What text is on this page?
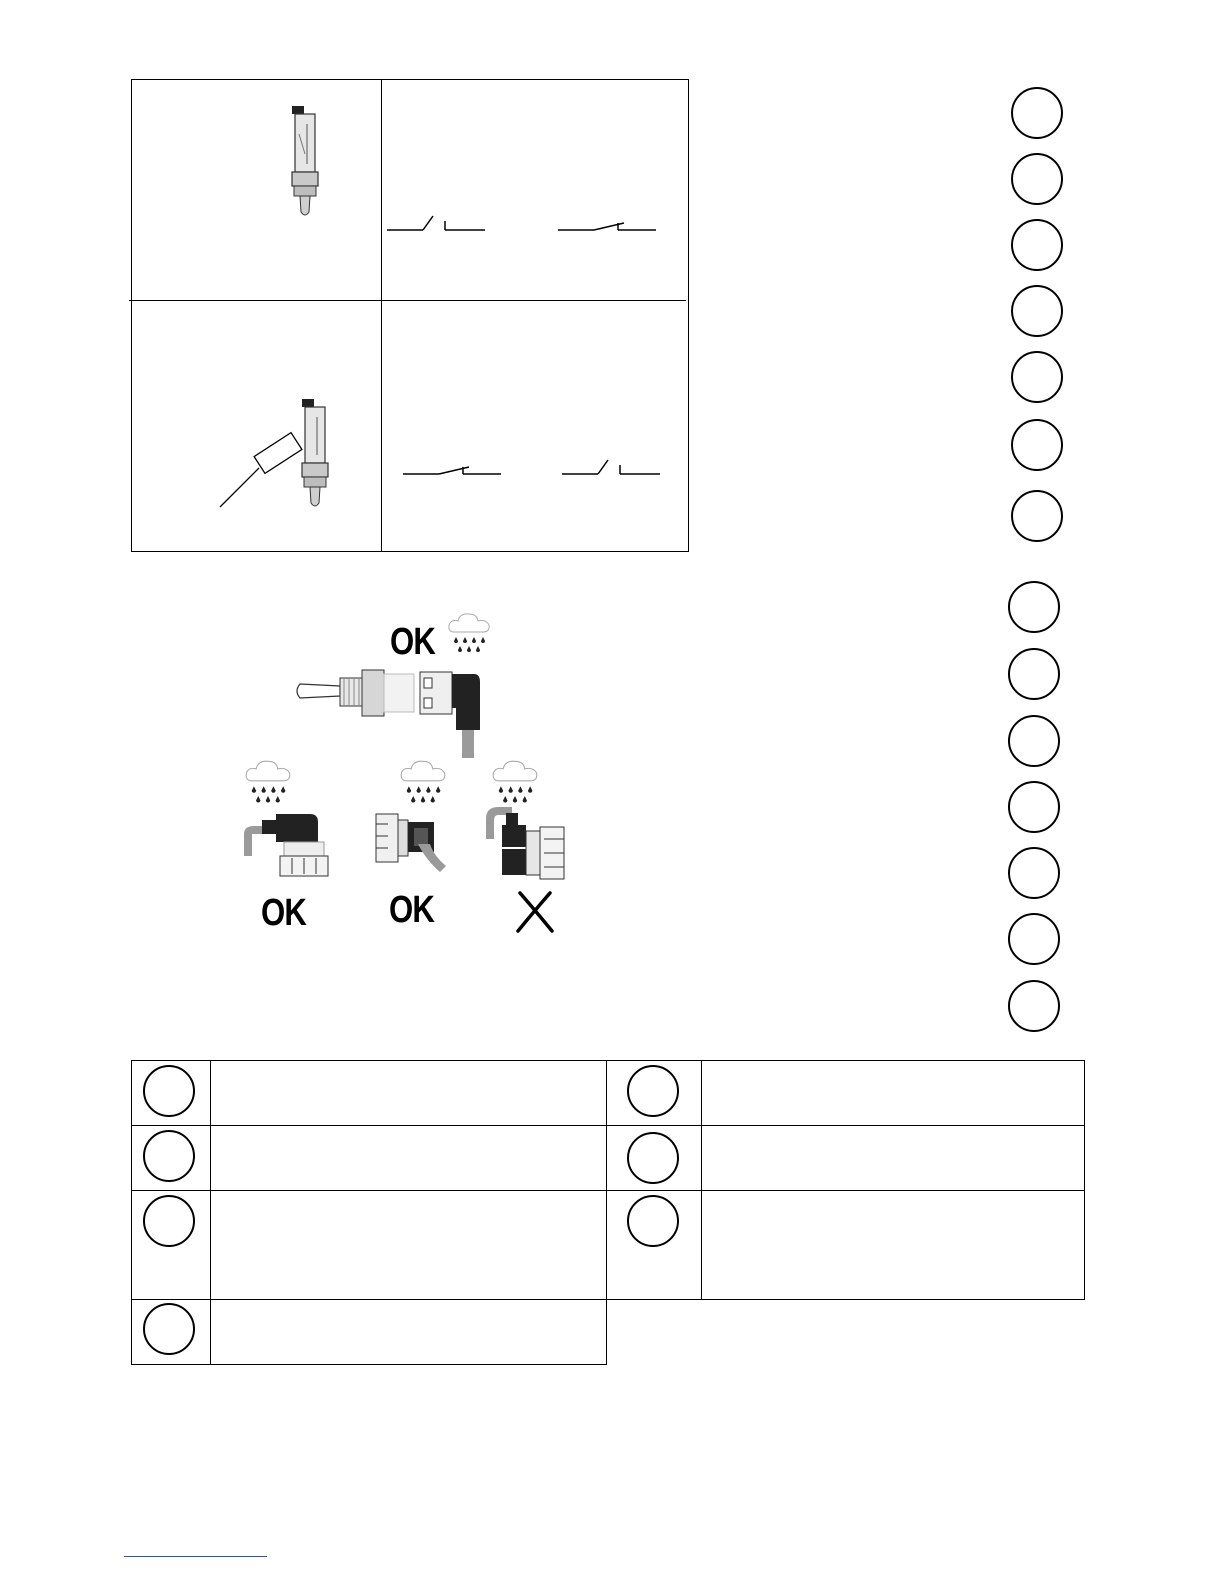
OK
OK OK
